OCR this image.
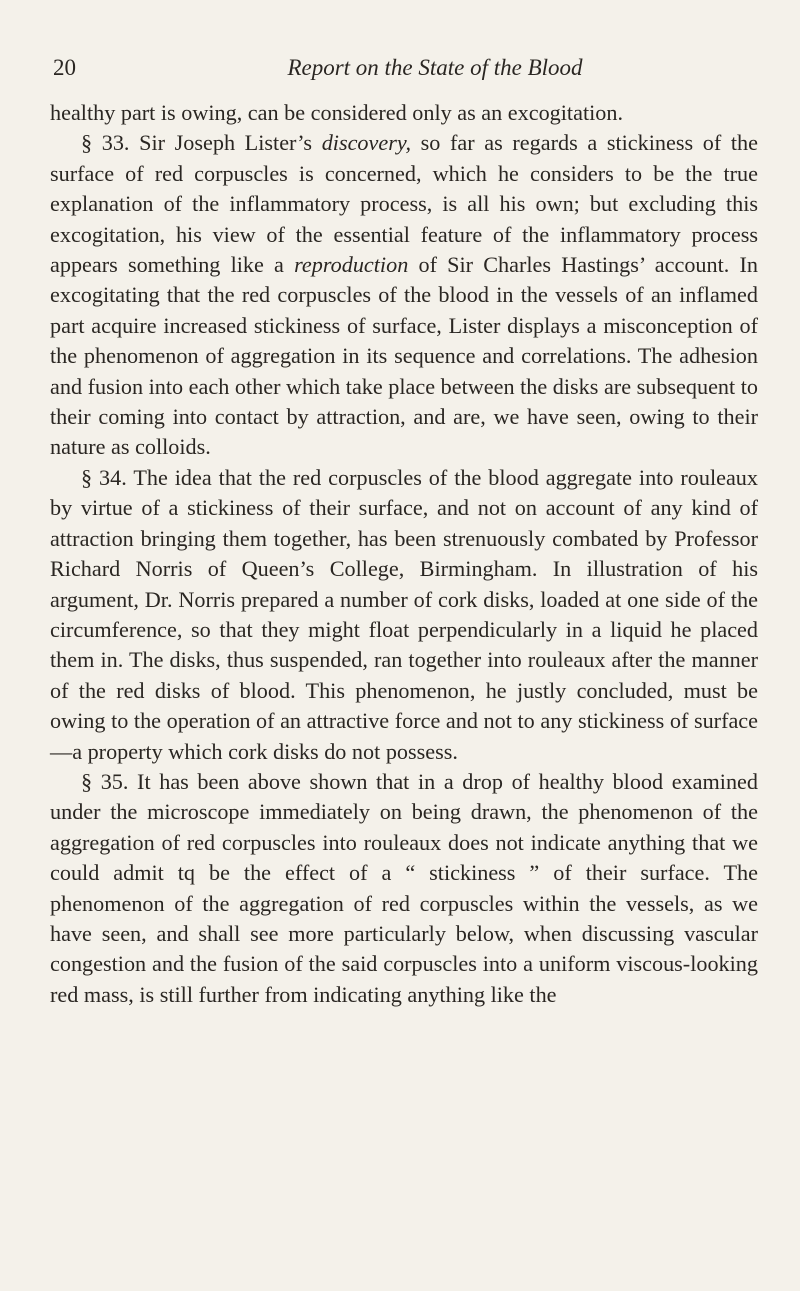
20	Report on the State of the Blood

healthy part is owing, can be considered only as an excogitation.

§ 33. Sir Joseph Lister’s discovery, so far as regards a stickiness of the surface of red corpuscles is concerned, which he considers to be the true explanation of the inflammatory process, is all his own; but excluding this excogitation, his view of the essential feature of the inflammatory process appears something like a reproduction of Sir Charles Hastings’ account. In excogitating that the red corpuscles of the blood in the vessels of an inflamed part acquire increased stickiness of surface, Lister displays a misconception of the phenomenon of aggregation in its sequence and correlations. The adhesion and fusion into each other which take place between the disks are subsequent to their coming into contact by attraction, and are, we have seen, owing to their nature as colloids.

§ 34. The idea that the red corpuscles of the blood aggregate into rouleaux by virtue of a stickiness of their surface, and not on account of any kind of attraction bringing them together, has been strenuously combated by Professor Richard Norris of Queen’s College, Birmingham. In illustration of his argument, Dr. Norris prepared a number of cork disks, loaded at one side of the circumference, so that they might float perpendicularly in a liquid he placed them in. The disks, thus suspended, ran together into rouleaux after the manner of the red disks of blood. This phenomenon, he justly concluded, must be owing to the operation of an attractive force and not to any stickiness of surface—a property which cork disks do not possess.

§ 35. It has been above shown that in a drop of healthy blood examined under the microscope immediately on being drawn, the phenomenon of the aggregation of red corpuscles into rouleaux does not indicate anything that we could admit tq be the effect of a “ stickiness ” of their surface. The phenomenon of the aggregation of red corpuscles within the vessels, as we have seen, and shall see more particularly below, when discussing vascular congestion and the fusion of the said corpuscles into a uniform viscous-looking red mass, is still further from indicating anything like the
